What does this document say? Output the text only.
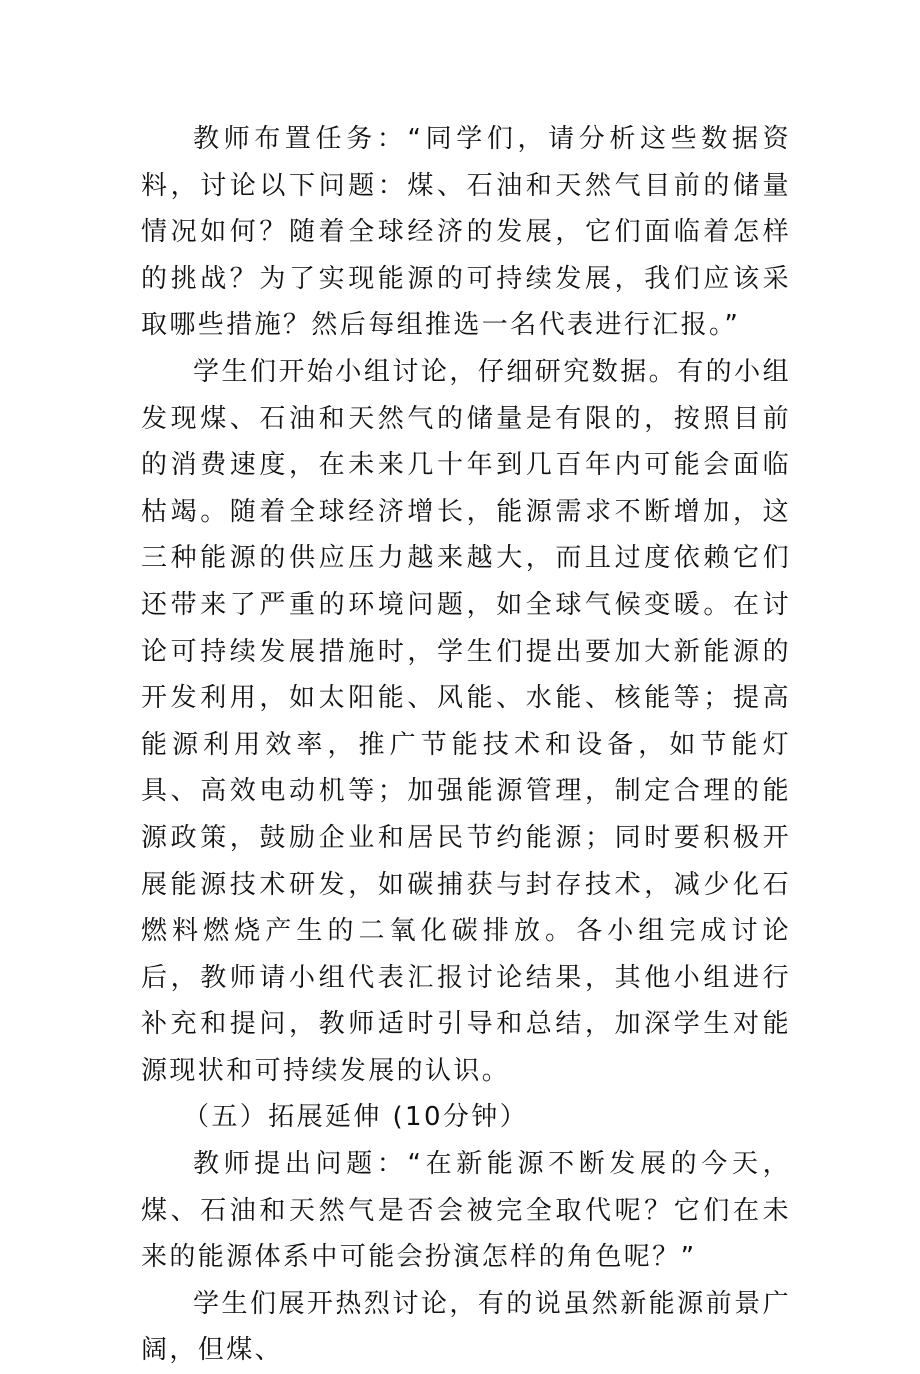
教师布置任务：“同学们，请分析这些数据资料，讨论以下问题：煤、石油和天然气目前的储量情况如何？随着全球经济的发展，它们面临着怎样的挑战？为了实现能源的可持续发展，我们应该采取哪些措施？然后每组推选一名代表进行汇报。”

学生们开始小组讨论，仔细研究数据。有的小组发现煤、石油和天然气的储量是有限的，按照目前的消费速度，在未来几十年到几百年内可能会面临枯竭。随着全球经济增长，能源需求不断增加，这三种能源的供应压力越来越大，而且过度依赖它们还带来了严重的环境问题，如全球气候变暖。在讨论可持续发展措施时，学生们提出要加大新能源的开发利用，如太阳能、风能、水能、核能等；提高能源利用效率，推广节能技术和设备，如节能灯具、高效电动机等；加强能源管理，制定合理的能源政策，鼓励企业和居民节约能源；同时要积极开展能源技术研发，如碳捕获与封存技术，减少化石燃料燃烧产生的二氧化碳排放。各小组完成讨论后，教师请小组代表汇报讨论结果，其他小组进行补充和提问，教师适时引导和总结，加深学生对能源现状和可持续发展的认识。

（五）拓展延伸 (10分钟）

教师提出问题：“在新能源不断发展的今天，煤、石油和天然气是否会被完全取代呢？它们在未来的能源体系中可能会扮演怎样的角色呢？”

学生们展开热烈讨论，有的说虽然新能源前景广阔，但煤、
